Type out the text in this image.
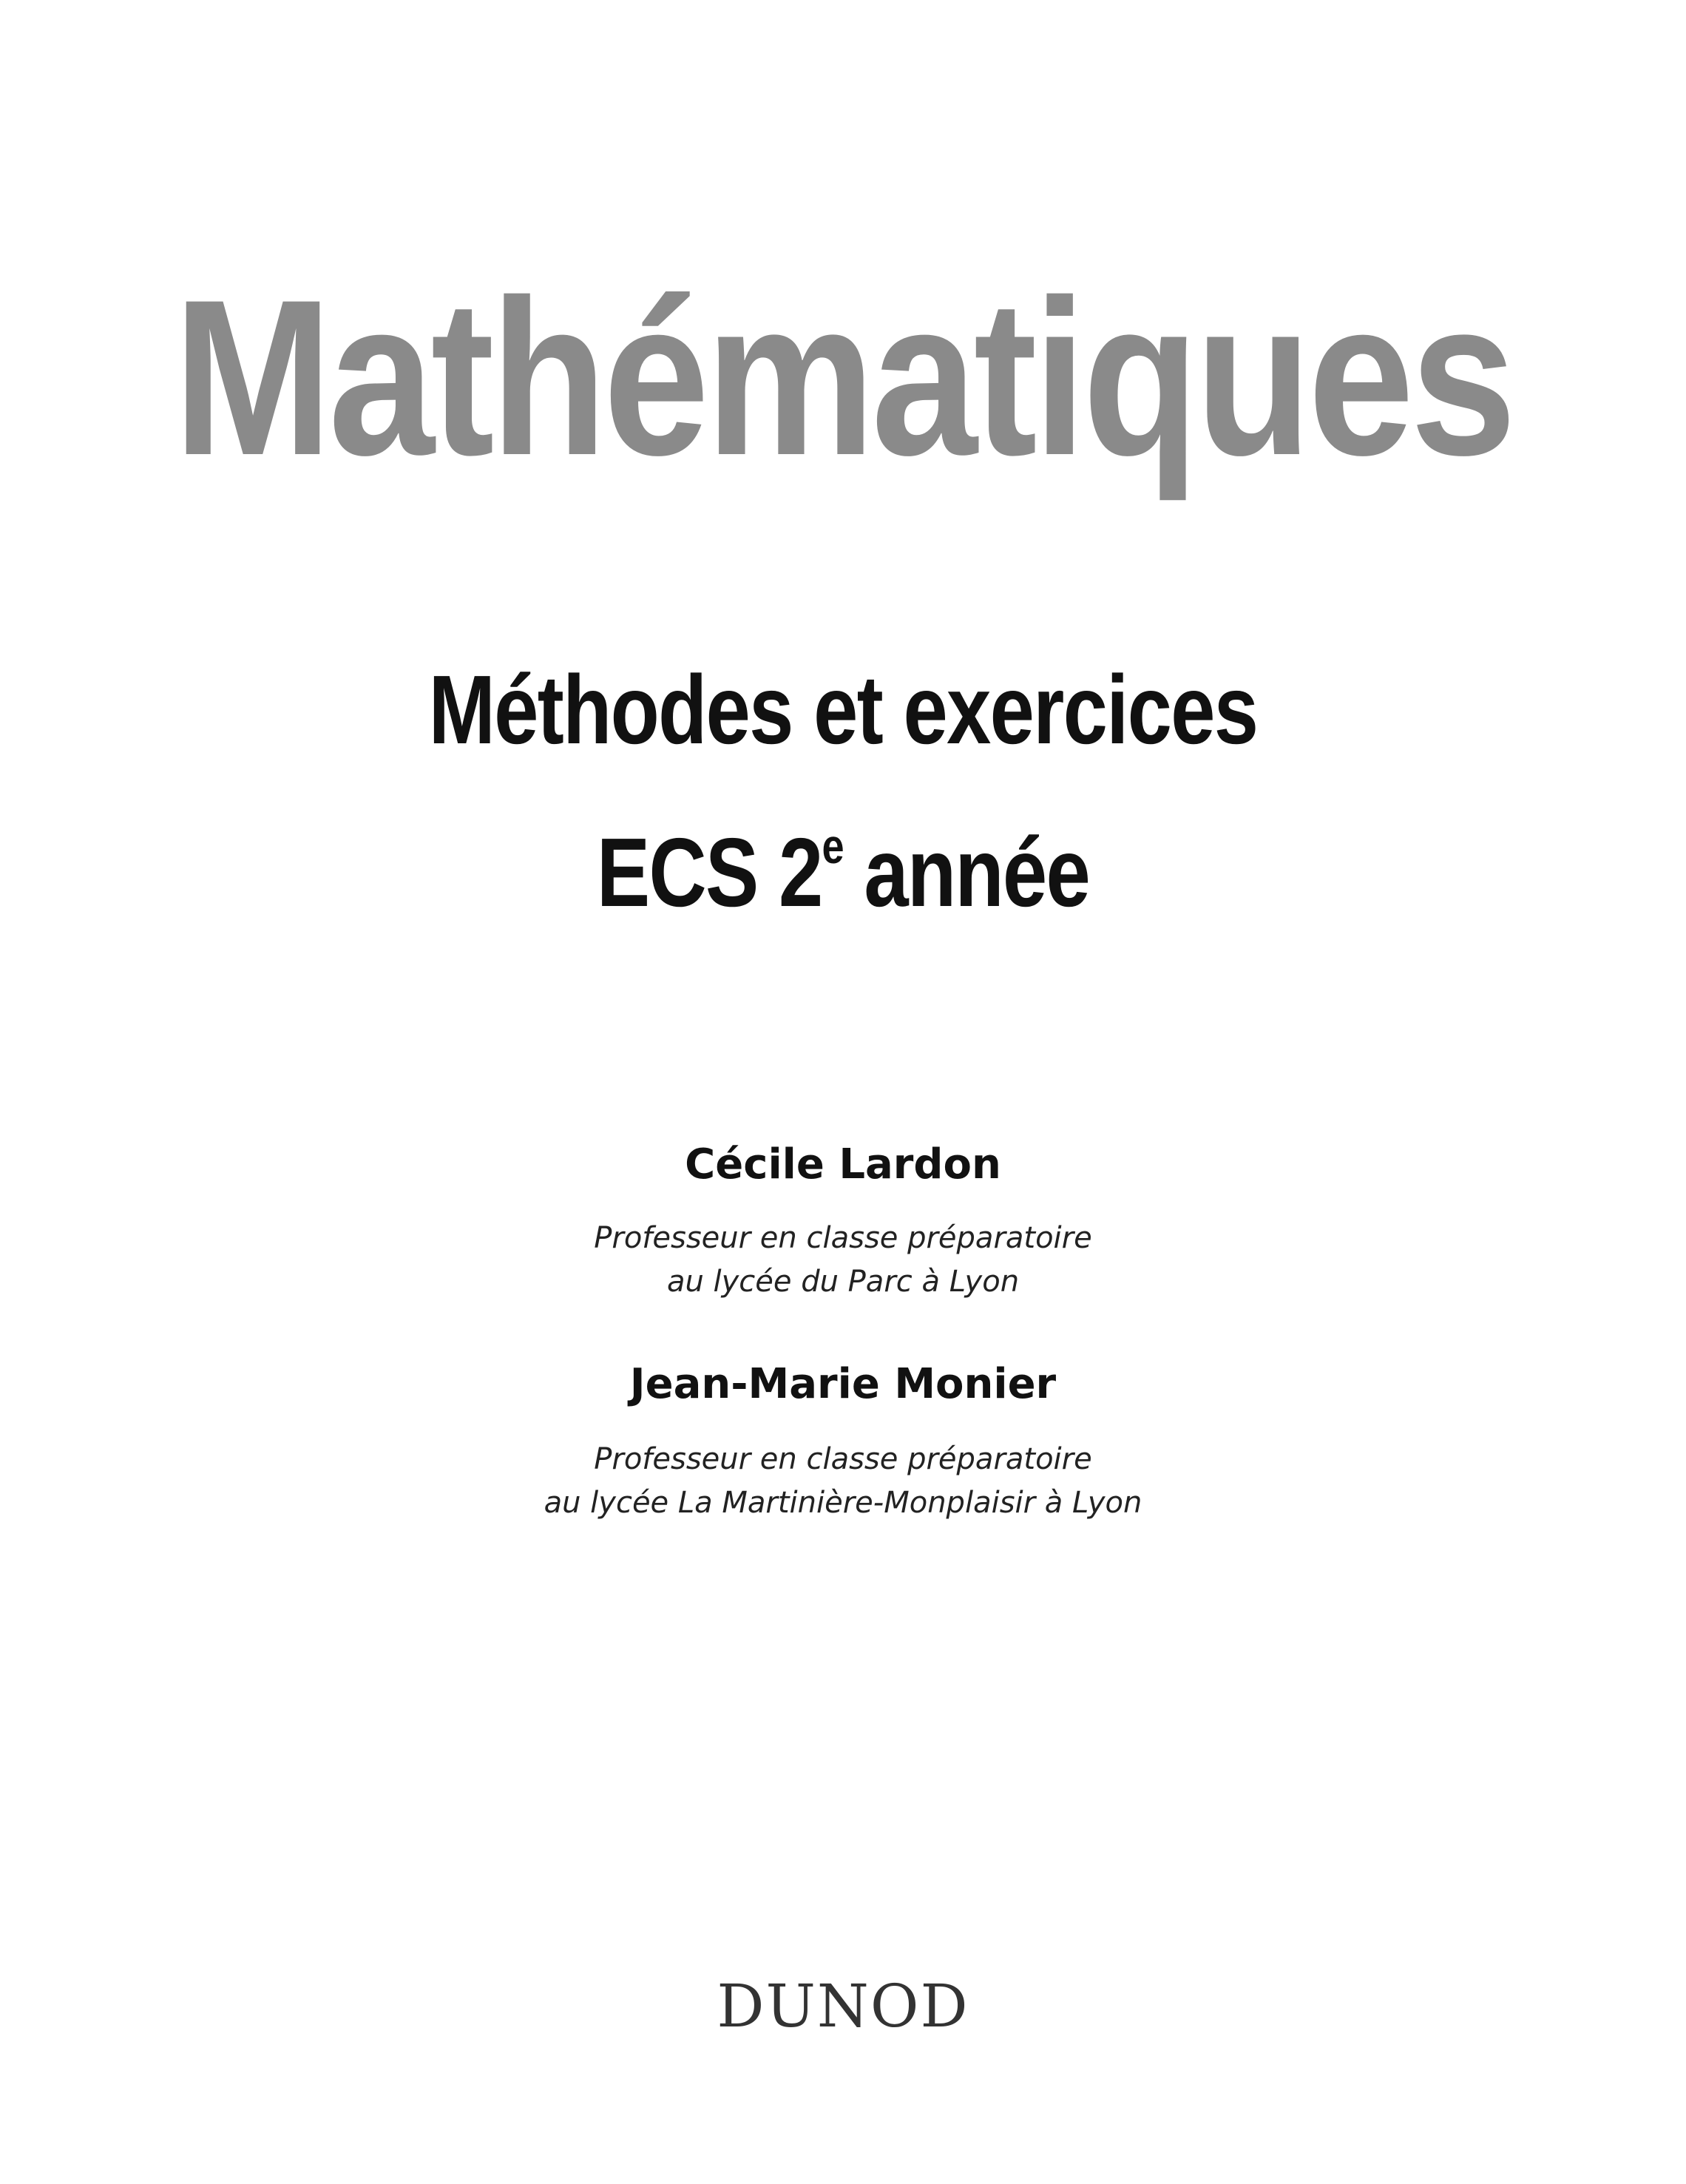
Mathématiques
Méthodes et exercices
ECS 2e année
Cécile Lardon
Professeur en classe préparatoire
au lycée du Parc à Lyon
Jean-Marie Monier
Professeur en classe préparatoire
au lycée La Martinière-Monplaisir à Lyon
DUNOD
